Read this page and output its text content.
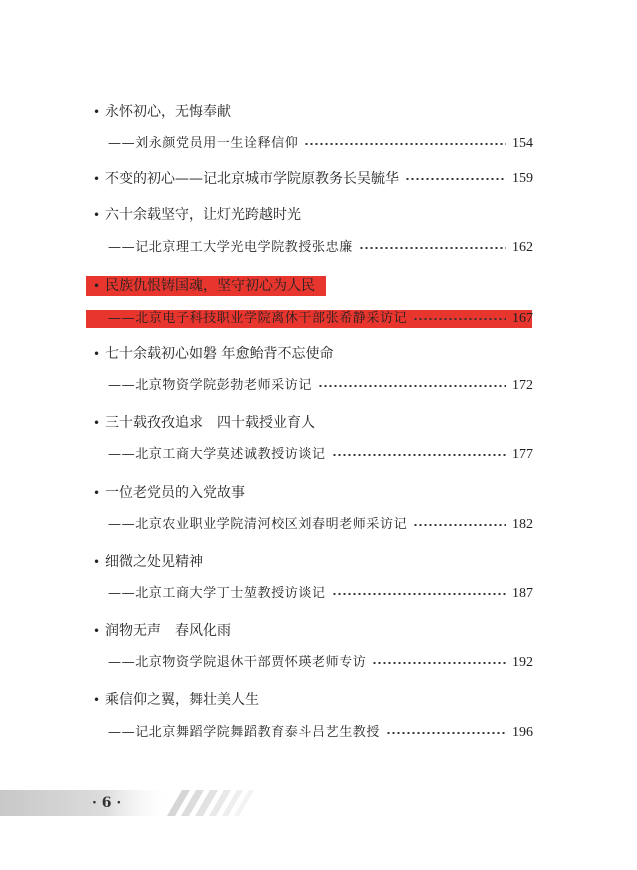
• 永怀初心，无悔奉献
——刘永颜党员用一生诠释信仰	154
• 不变的初心——记北京城市学院原教务长吴毓华	159
• 六十余载坚守，让灯光跨越时光
——记北京理工大学光电学院教授张忠廉	162
• 民族仇恨铸国魂，坚守初心为人民
——北京电子科技职业学院离休干部张希静采访记	167
• 七十余载初心如磐 年愈鲐背不忘使命
——北京物资学院彭勃老师采访记	172
• 三十载孜孜追求　四十载授业育人
——北京工商大学莫述诚教授访谈记	177
• 一位老党员的入党故事
——北京农业职业学院清河校区刘春明老师采访记	182
• 细微之处见精神
——北京工商大学丁士堃教授访谈记	187
• 润物无声　春风化雨
——北京物资学院退休干部贾怀瑛老师专访	192
• 乘信仰之翼，舞壮美人生
——记北京舞蹈学院舞蹈教育泰斗吕艺生教授	196
· 6 ·
